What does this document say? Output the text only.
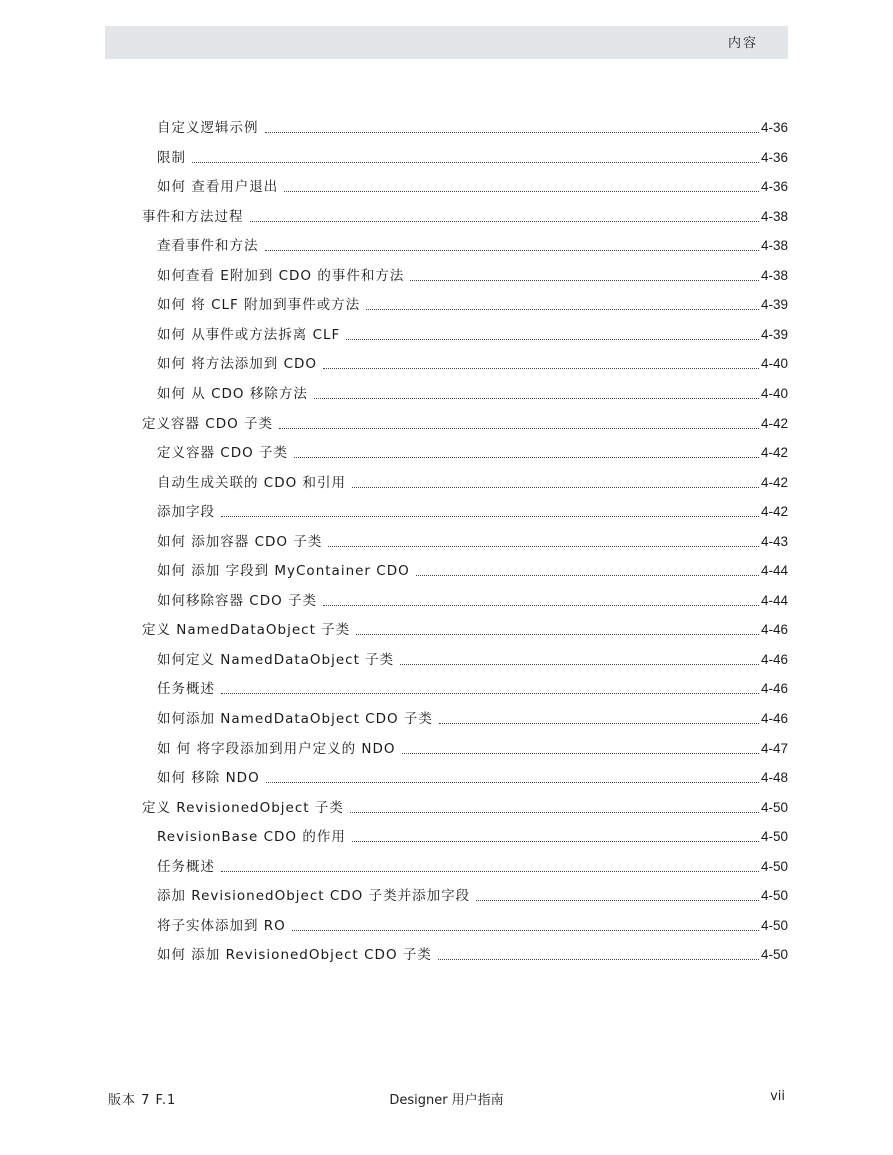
内容
自定义逻辑示例	4-36
限制	4-36
如何 查看用户退出	4-36
事件和方法过程	4-38
查看事件和方法	4-38
如何查看 E附加到 CDO 的事件和方法	4-38
如何 将 CLF 附加到事件或方法	4-39
如何 从事件或方法拆离 CLF	4-39
如何 将方法添加到 CDO	4-40
如何 从 CDO 移除方法	4-40
定义容器 CDO 子类	4-42
定义容器 CDO 子类	4-42
自动生成关联的 CDO 和引用	4-42
添加字段	4-42
如何 添加容器 CDO 子类	4-43
如何 添加 字段到 MyContainer CDO	4-44
如何移除容器 CDO 子类	4-44
定义 NamedDataObject 子类	4-46
如何定义 NamedDataObject 子类	4-46
任务概述	4-46
如何添加 NamedDataObject CDO 子类	4-46
如 何 将字段添加到用户定义的 NDO	4-47
如何 移除 NDO	4-48
定义 RevisionedObject 子类	4-50
RevisionBase CDO 的作用	4-50
任务概述	4-50
添加 RevisionedObject CDO 子类并添加字段	4-50
将子实体添加到 RO	4-50
如何 添加 RevisionedObject CDO 子类	4-50
版本 7 F.1	Designer 用户指南	vii
